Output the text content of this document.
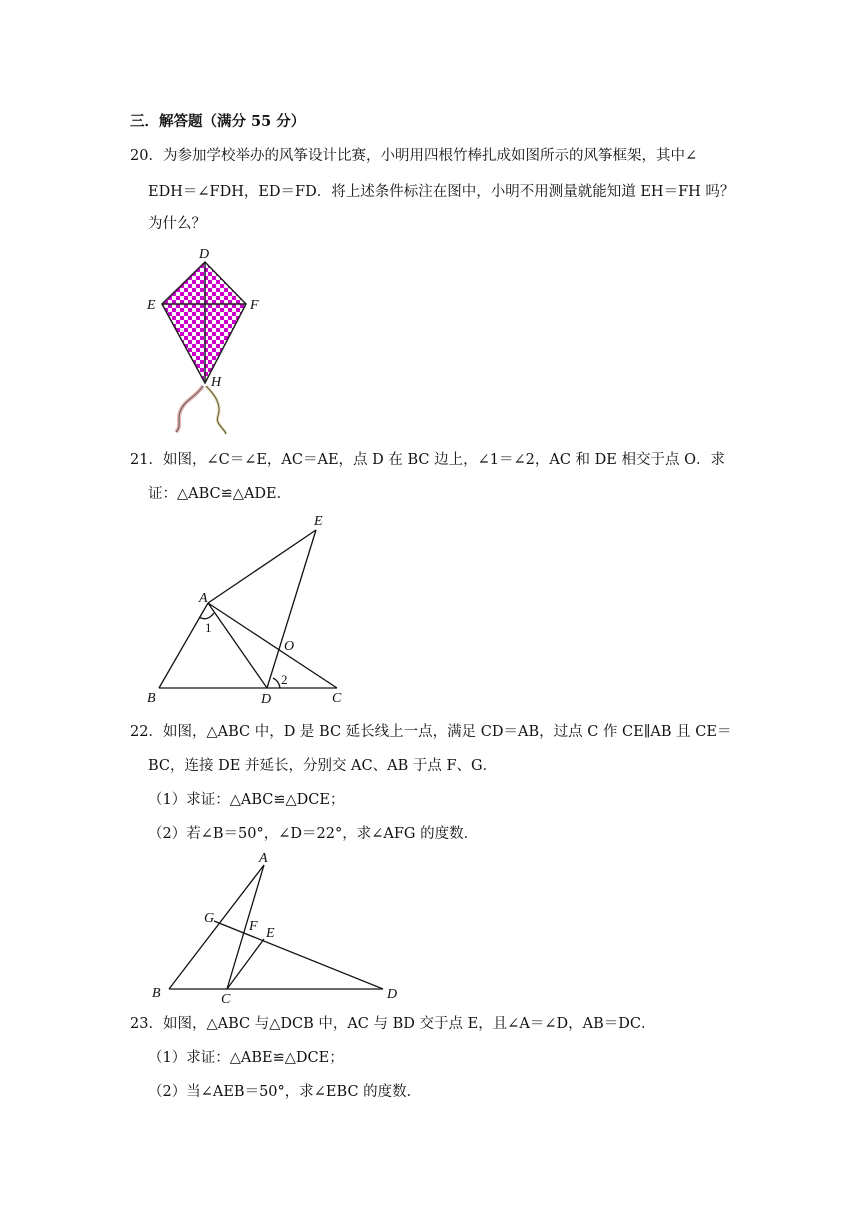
三．解答题（满分 55 分）
20．为参加学校举办的风筝设计比赛，小明用四根竹棒扎成如图所示的风筝框架，其中∠
EDH＝∠FDH，ED＝FD．将上述条件标注在图中，小明不用测量就能知道 EH＝FH 吗？
为什么？
D
E	F
H
21．如图，∠C＝∠E，AC＝AE，点 D 在 BC 边上，∠1＝∠2，AC 和 DE 相交于点 O．求
证：△ABC≌△ADE．
A
B	C
D
E
O
1
2
22．如图，△ABC 中，D 是 BC 延长线上一点，满足 CD＝AB，过点 C 作 CE∥AB 且 CE＝
BC，连接 DE 并延长，分别交 AC、AB 于点 F、G．
（1）求证：△ABC≌△DCE；
（2）若∠B＝50°，∠D＝22°，求∠AFG 的度数．
A
B	C	D
E
F
G
23．如图，△ABC 与△DCB 中，AC 与 BD 交于点 E，且∠A＝∠D，AB＝DC．
（1）求证：△ABE≌△DCE；
（2）当∠AEB＝50°，求∠EBC 的度数．
